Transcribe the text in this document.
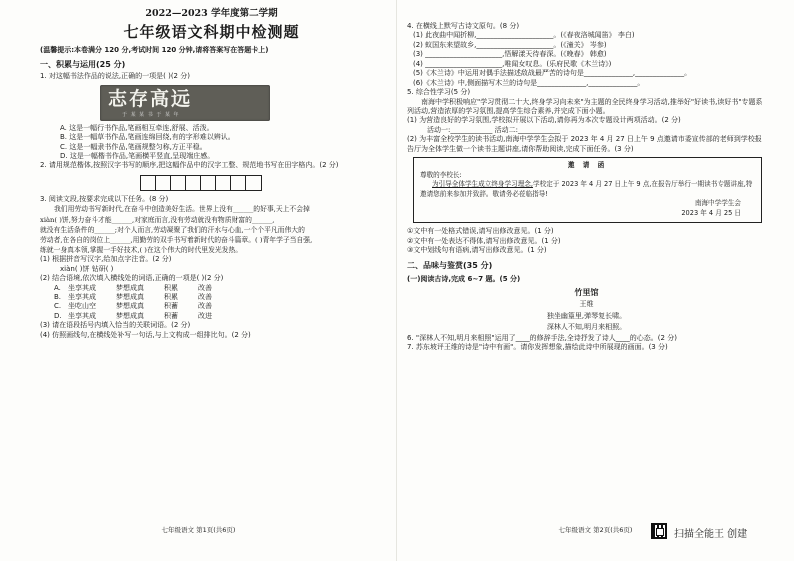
2022—2023 学年度第二学期
七年级语文科期中检测题
(温馨提示:本卷满分 120 分,考试时间 120 分钟,请将答案写在答题卡上)
一、积累与运用(25 分)
1. 对这幅书法作品的说法,正确的一项是( )(2 分)
志存高远
于 某 某 书 于 某 年
A. 这是一幅行书作品,笔画相互牵连,舒展、活泼。
B. 这是一幅草书作品,笔画连绵回绕,有的字形难以辨认。
C. 这是一幅隶书作品,笔画规整匀称,方正平稳。
D. 这是一幅楷书作品,笔画横平竖直,呈现端庄感。
2. 请用规范楷体,按照汉字书写的顺序,把这幅作品中的汉字工整、规范地书写在田字格内。(2 分)
3. 阅读文段,按要求完成以下任务。(8 分)
我们用劳动书写新时代,在奋斗中创造美好生活。世界上没有______的好事,天上不会掉
xiàn( )饼,努力奋斗才能______,对家庭而言,没有劳动就没有物质财富的______,
就没有生活条件的______;对个人而言,劳动凝聚了我们的汗水与心血,一个个平凡而伟大的
劳动者,在各自的岗位上______,用勤劳的双手书写着新时代的奋斗篇章。( )青年学子当自强,
练就一身真本领,掌握一手好技术,( )在这个伟大的时代里发光发热。
(1) 根据拼音写汉字,给加点字注音。(2 分)
xiàn( )饼 钻研( )
(2) 结合语境,依次填入横线处的词语,正确的一项是( )(2 分)
A.	坐享其成	梦想成真	积累	改善
B. 坐享其成	梦想成真	积累	改善
C. 坐吃山空	梦想成真	积蓄	改善
D. 坐享其成	梦想成真	积蓄	改进
(3) 请在语段括号内填入恰当的关联词语。(2 分)
(4) 仿照画线句,在横线处补写一句话,与上文构成一组排比句。(2 分)
七年级语文 第1页(共6页)
4. 在横线上默写古诗文原句。(8 分)
(1) 此夜曲中闻折柳,______________________。(《春夜洛城闻笛》 李白)
(2) 蚁国东来望故乡,______________________。(《潼关》 岑参)
(3) ______________________,悟解漾天待春深。(《晚春》 韩愈)
(4) ______________________,唯闻女叹息。(乐府民歌《木兰诗》)
(5)《木兰诗》中运用对偶手法描述敌战最严苦的诗句是______________,______________。
(6)《木兰诗》中,侧面描写木兰的诗句是______________,______________。
5. 综合性学习(5 分)
南海中学积极响应"学习贯彻二十大,终身学习向未来"为主题的全民终身学习活动,推举好"好读书,读好书"专题系列活动,营造浓厚的学习氛围,提高学生综合素养,并完成下面小题。
(1) 为营造良好的学习氛围,学校拟开展以下活动,请你再为本次专题设计两项活动。(2 分)
活动一:____________ 活动二:____________
(2) 为丰富全校学生的读书活动,南海中学学生会拟于 2023 年 4 月 27 日上午 9 点邀请市委宣传部的老师到学校报告厅为全体学生做一个读书主题讲座,请你帮助阅读,完成下面任务。(3 分)
邀 请 函
尊敬的李校长:
为引导全体学生成立终身学习理念,学校定于 2023 年 4 月 27 日上午 9 点,在报告厅举行一期读书专题讲座,特邀请您前来参加并致辞。敬请务必莅临指导!
南海中学学生会
2023 年 4 月 25 日
①文中有一处格式错误,请写出修改意见。(1 分)
②文中有一处表达不得体,请写出修改意见。(1 分)
③文中划线句有语病,请写出修改意见。(1 分)
二、品味与鉴赏(35 分)
(一)阅读古诗,完成 6~7 题。(5 分)
竹里馆
王维
独坐幽篁里,弹琴复长啸。
深林人不知,明月来相照。
6. "深林人不知,明月来相照"运用了____的修辞手法,全诗抒发了诗人____的心态。(2 分)
7. 苏东坡评王维的诗是"诗中有画"。请你发挥想象,描绘此诗中所展现的画面。(3 分)
七年级语文 第2页(共6页)	扫描全能王 创建
